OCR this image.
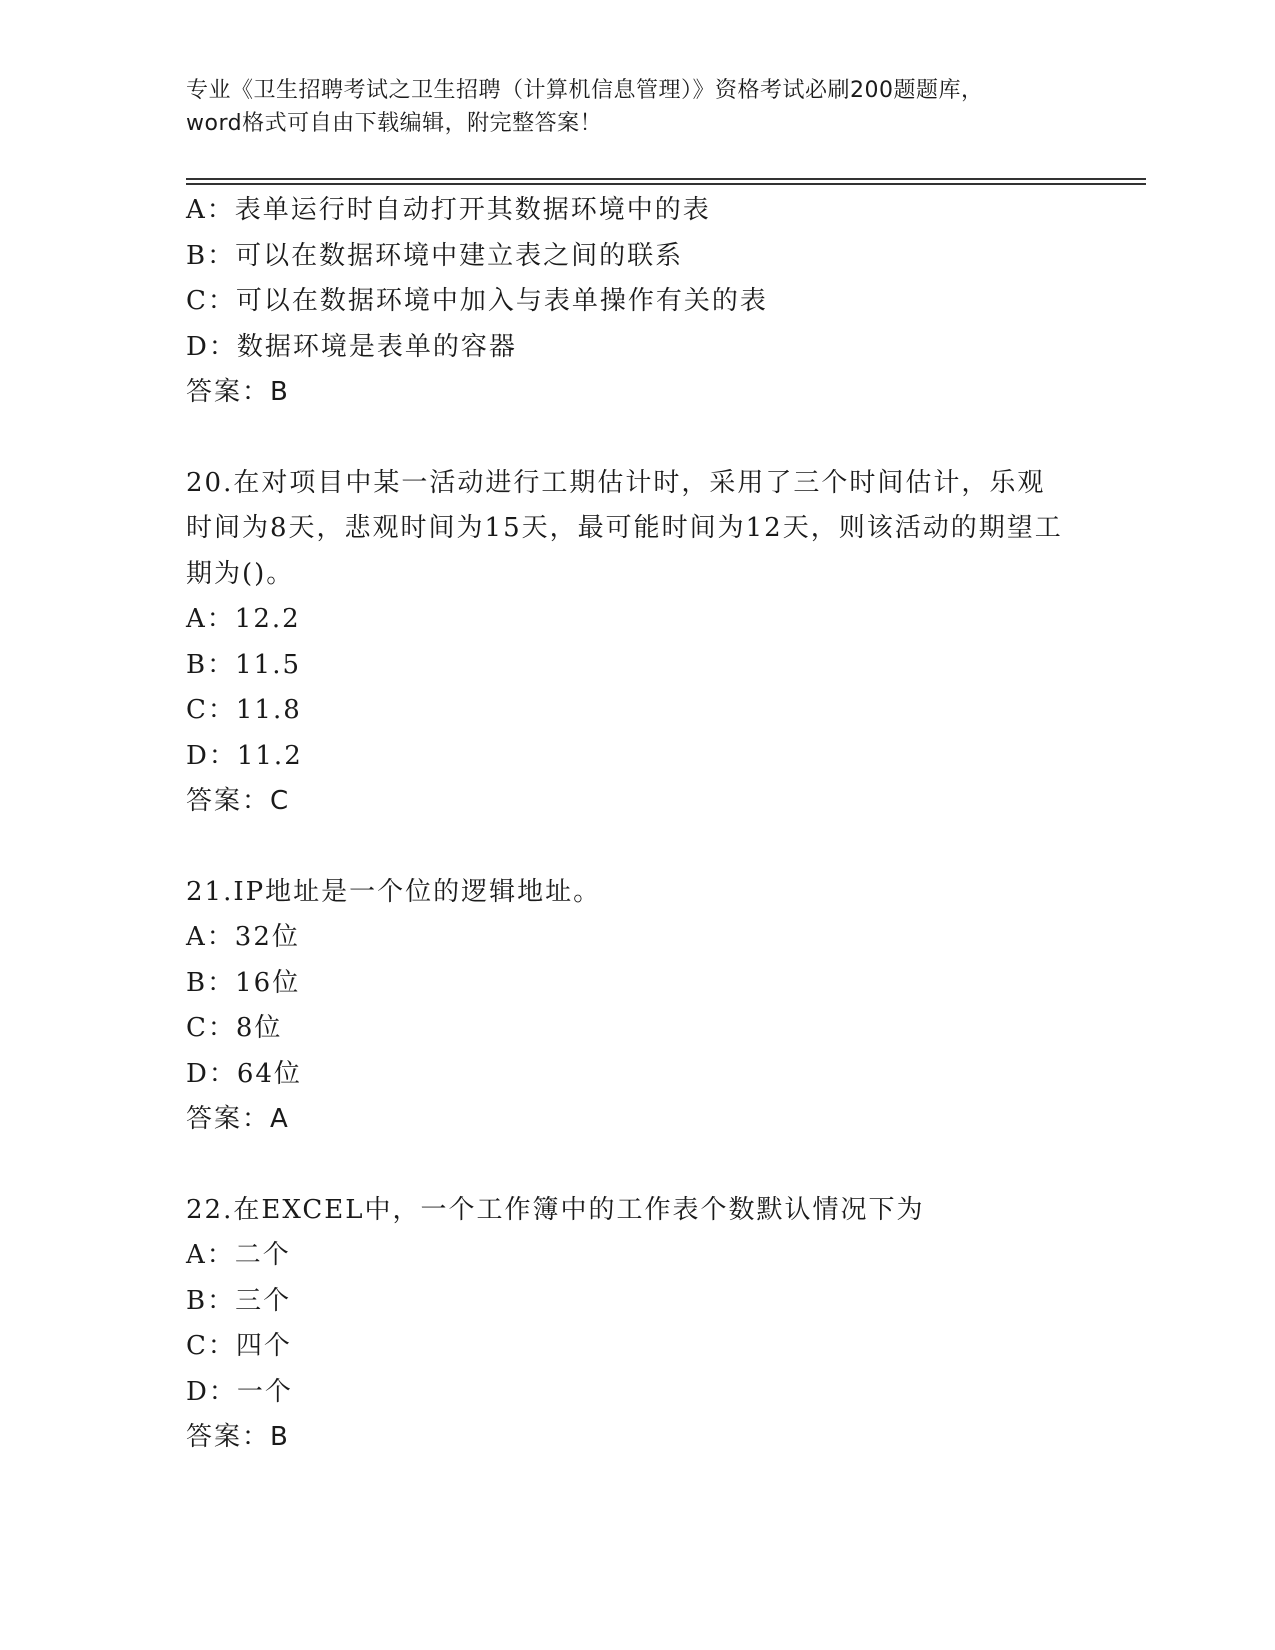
专业《卫生招聘考试之卫生招聘（计算机信息管理）》资格考试必刷200题题库，
word格式可自由下载编辑，附完整答案！
A：表单运行时自动打开其数据环境中的表
B：可以在数据环境中建立表之间的联系
C：可以在数据环境中加入与表单操作有关的表
D：数据环境是表单的容器
答案：B
20.在对项目中某一活动进行工期估计时，采用了三个时间估计，乐观时间为8天，悲观时间为15天，最可能时间为12天，则该活动的期望工期为()。
A：12.2
B：11.5
C：11.8
D：11.2
答案：C
21.IP地址是一个位的逻辑地址。
A：32位
B：16位
C：8位
D：64位
答案：A
22.在EXCEL中，一个工作簿中的工作表个数默认情况下为
A：二个
B：三个
C：四个
D：一个
答案：B
